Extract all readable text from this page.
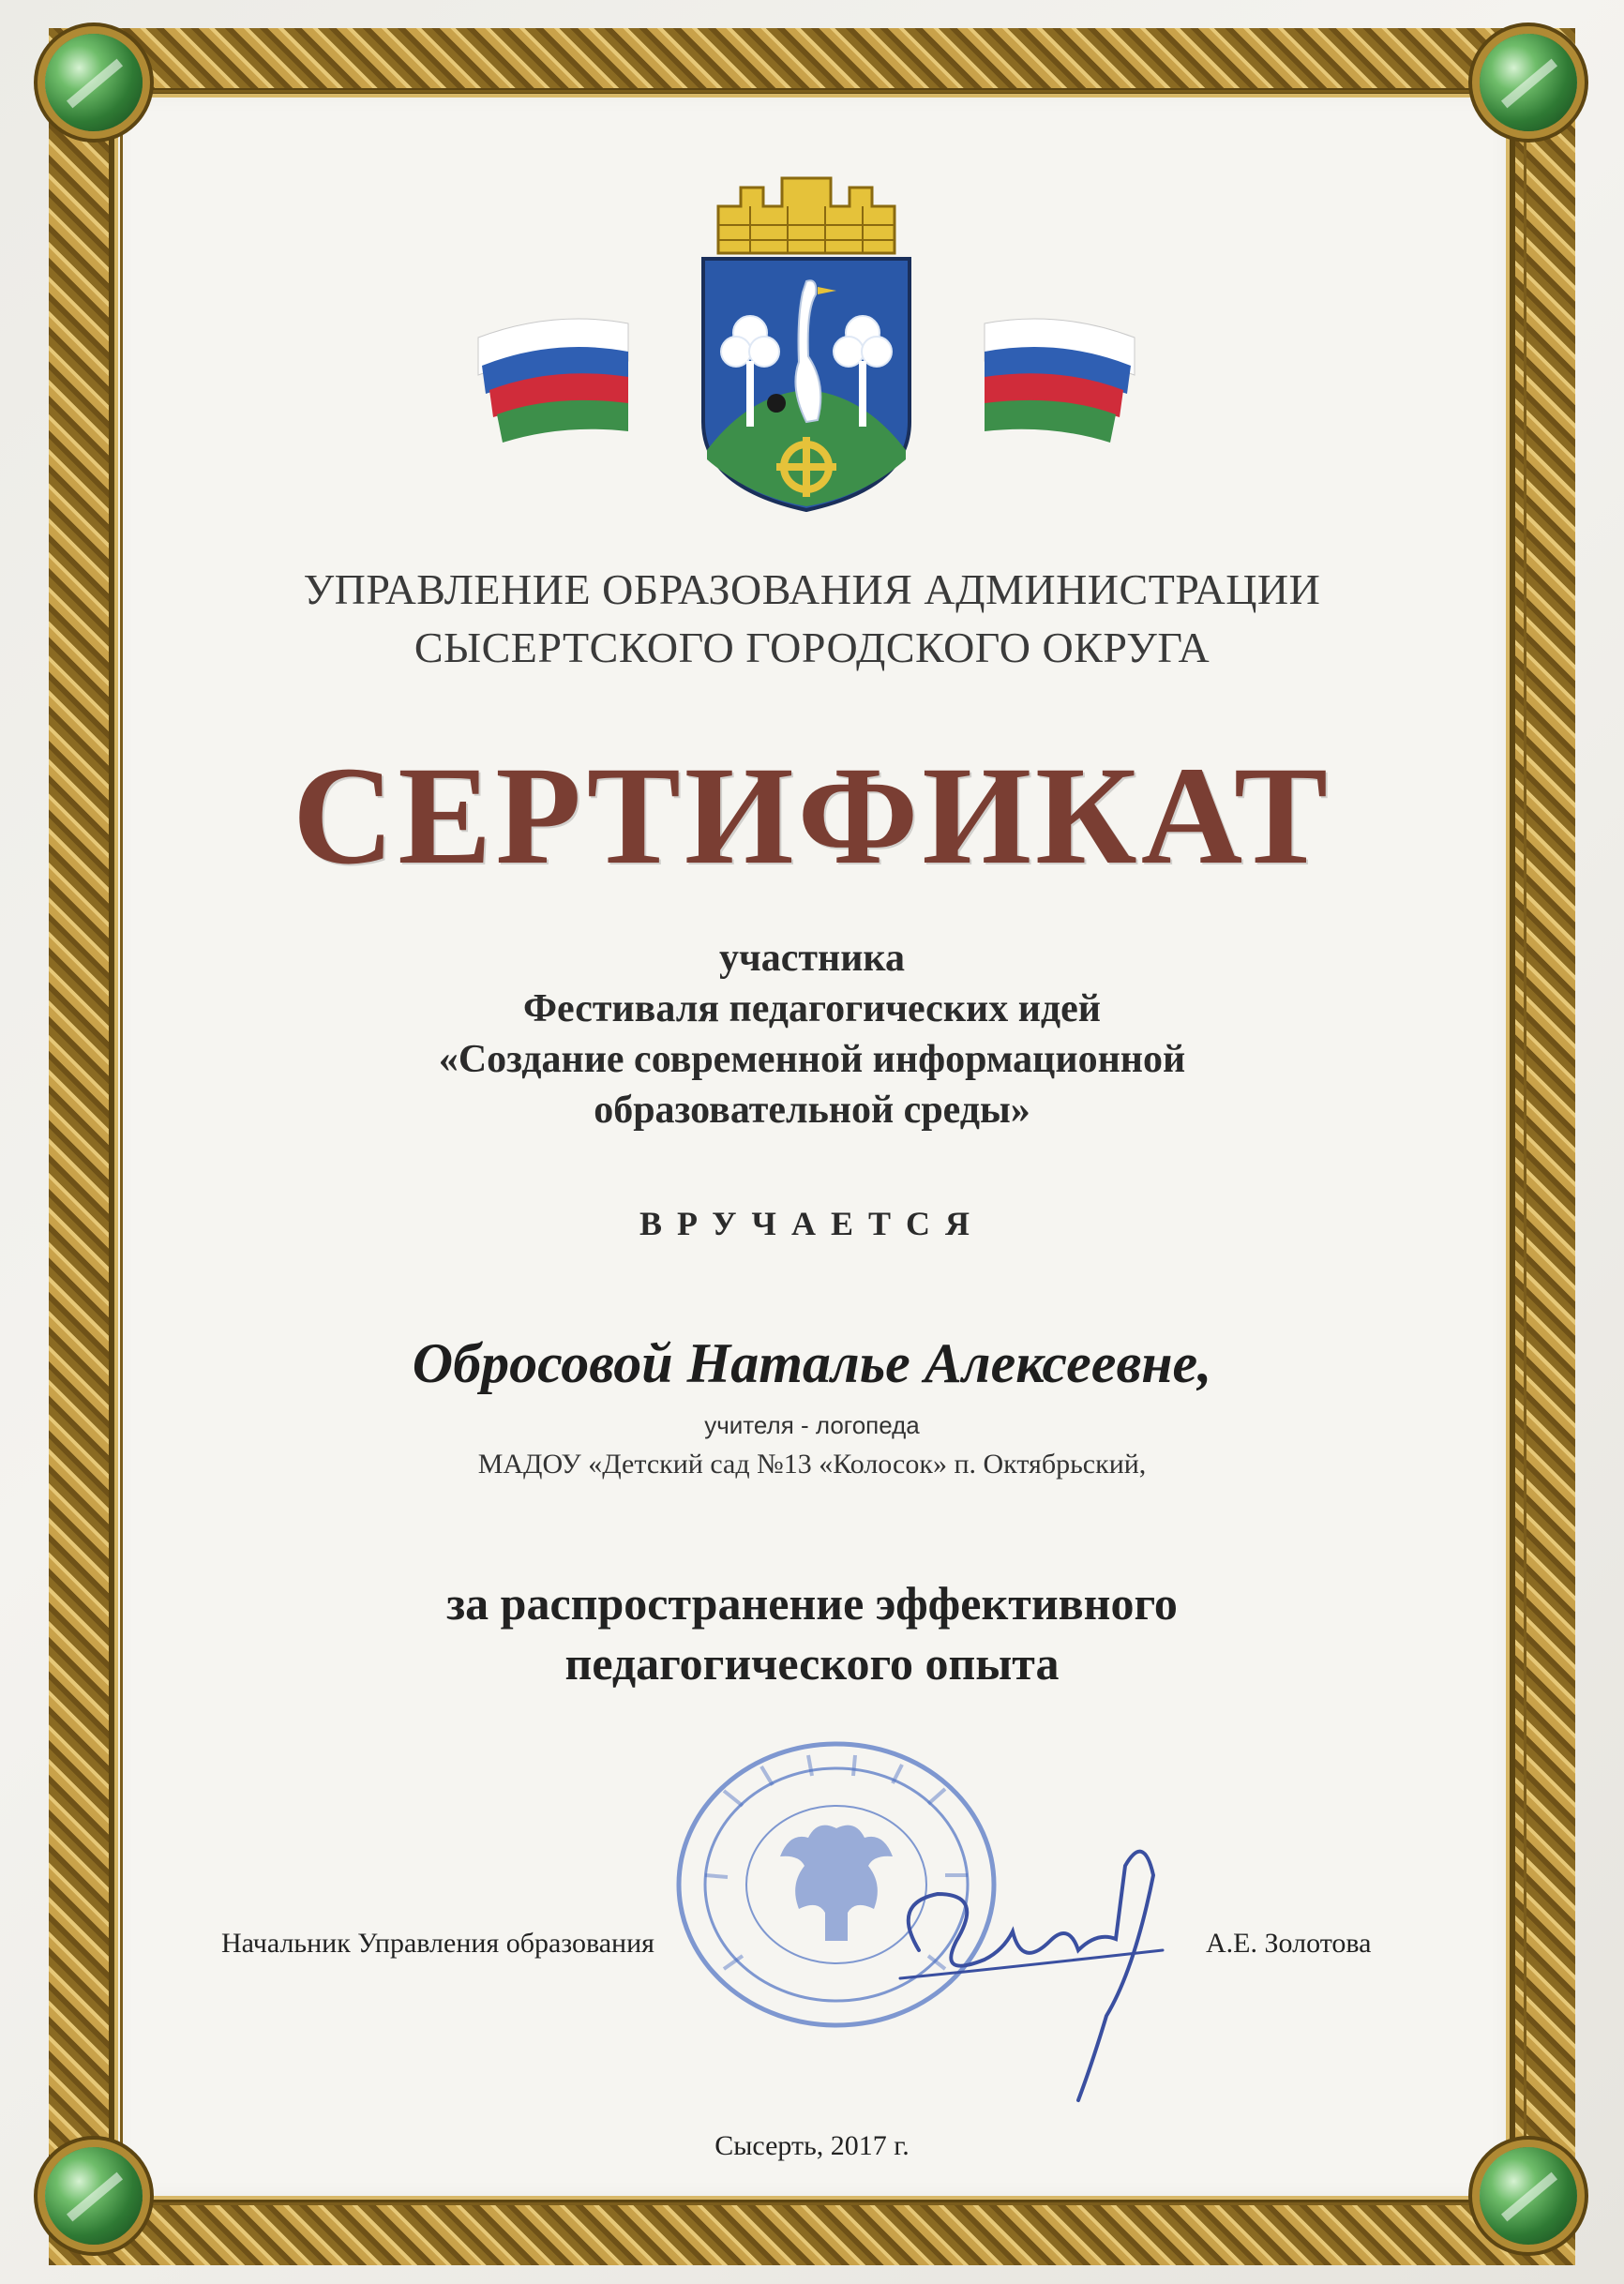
УПРАВЛЕНИЕ ОБРАЗОВАНИЯ АДМИНИСТРАЦИИ
СЫСЕРТСКОГО ГОРОДСКОГО ОКРУГА
СЕРТИФИКАТ
участника
Фестиваля педагогических идей
«Создание современной информационной
образовательной среды»
ВРУЧАЕТСЯ
Обросовой Наталье Алексеевне,
учителя - логопеда
МАДОУ «Детский сад №13 «Колосок» п. Октябрьский,
за распространение эффективного
педагогического опыта
Начальник Управления образования	А.Е. Золотова
Сысерть, 2017 г.
